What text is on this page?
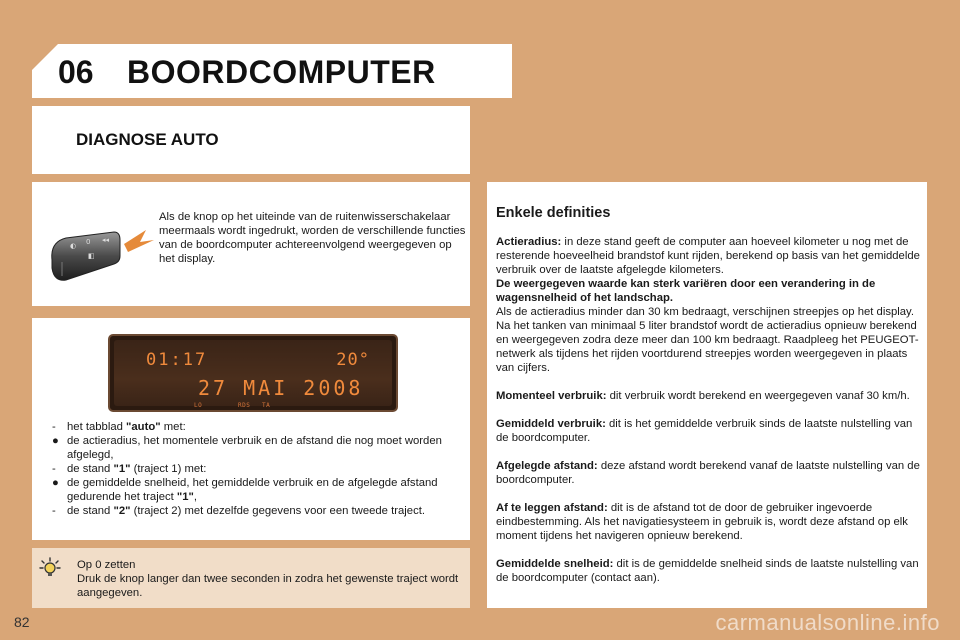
06 BOORDCOMPUTER
DIAGNOSE AUTO
◐ 0
◧
◂◂
Als de knop op het uiteinde van de ruitenwisserschakelaar meermaals wordt ingedrukt, worden de verschillende functies van de boordcomputer achtereenvolgend weergegeven op het display.
01:17	20°
27 MAI 2008
LO	RDS TA
- het tabblad "auto" met:
● de actieradius, het momentele verbruik en de afstand die nog moet worden afgelegd,
- de stand "1" (traject 1) met:
● de gemiddelde snelheid, het gemiddelde verbruik en de afgelegde afstand gedurende het traject "1",
- de stand "2" (traject 2) met dezelfde gegevens voor een tweede traject.
Op 0 zetten
Druk de knop langer dan twee seconden in zodra het gewenste traject wordt aangegeven.
Enkele definities
Actieradius: in deze stand geeft de computer aan hoeveel kilometer u nog met de resterende hoeveelheid brandstof kunt rijden, berekend op basis van het gemiddelde verbruik over de laatste afgelegde kilometers.
De weergegeven waarde kan sterk variëren door een verandering in de wagensnelheid of het landschap.
Als de actieradius minder dan 30 km bedraagt, verschijnen streepjes op het display. Na het tanken van minimaal 5 liter brandstof wordt de actieradius opnieuw berekend en weergegeven zodra deze meer dan 100 km bedraagt. Raadpleeg het PEUGEOT-netwerk als tijdens het rijden voortdurend streepjes worden weergegeven in plaats van cijfers.
Momenteel verbruik: dit verbruik wordt berekend en weergegeven vanaf 30 km/h.
Gemiddeld verbruik: dit is het gemiddelde verbruik sinds de laatste nulstelling van de boordcomputer.
Afgelegde afstand: deze afstand wordt berekend vanaf de laatste nulstelling van de boordcomputer.
Af te leggen afstand: dit is de afstand tot de door de gebruiker ingevoerde eindbestemming. Als het navigatiesysteem in gebruik is, wordt deze afstand op elk moment tijdens het navigeren opnieuw berekend.
Gemiddelde snelheid: dit is de gemiddelde snelheid sinds de laatste nulstelling van de boordcomputer (contact aan).
82	carmanualsonline.info
